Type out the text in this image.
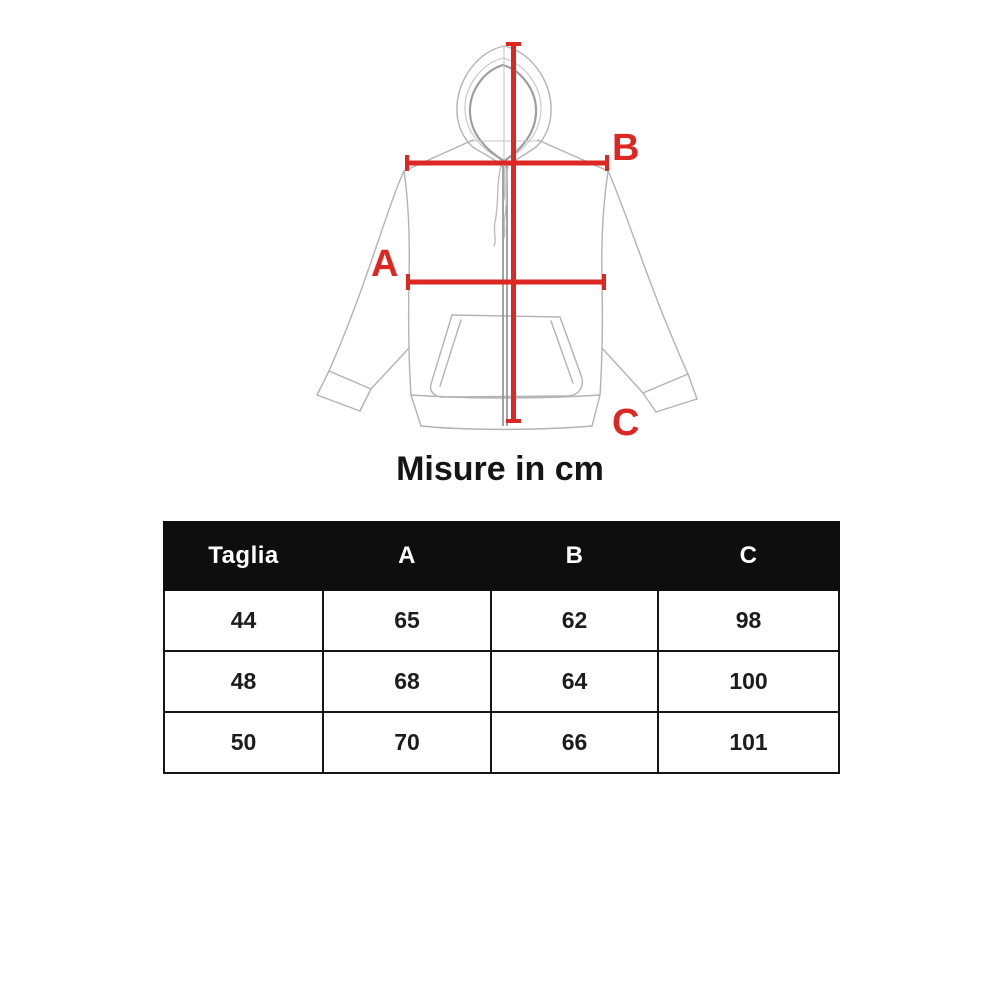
A
B
C
Misure in cm
Taglia	A	B	C
44	65	62	98
48	68	64	100
50	70	66	101
